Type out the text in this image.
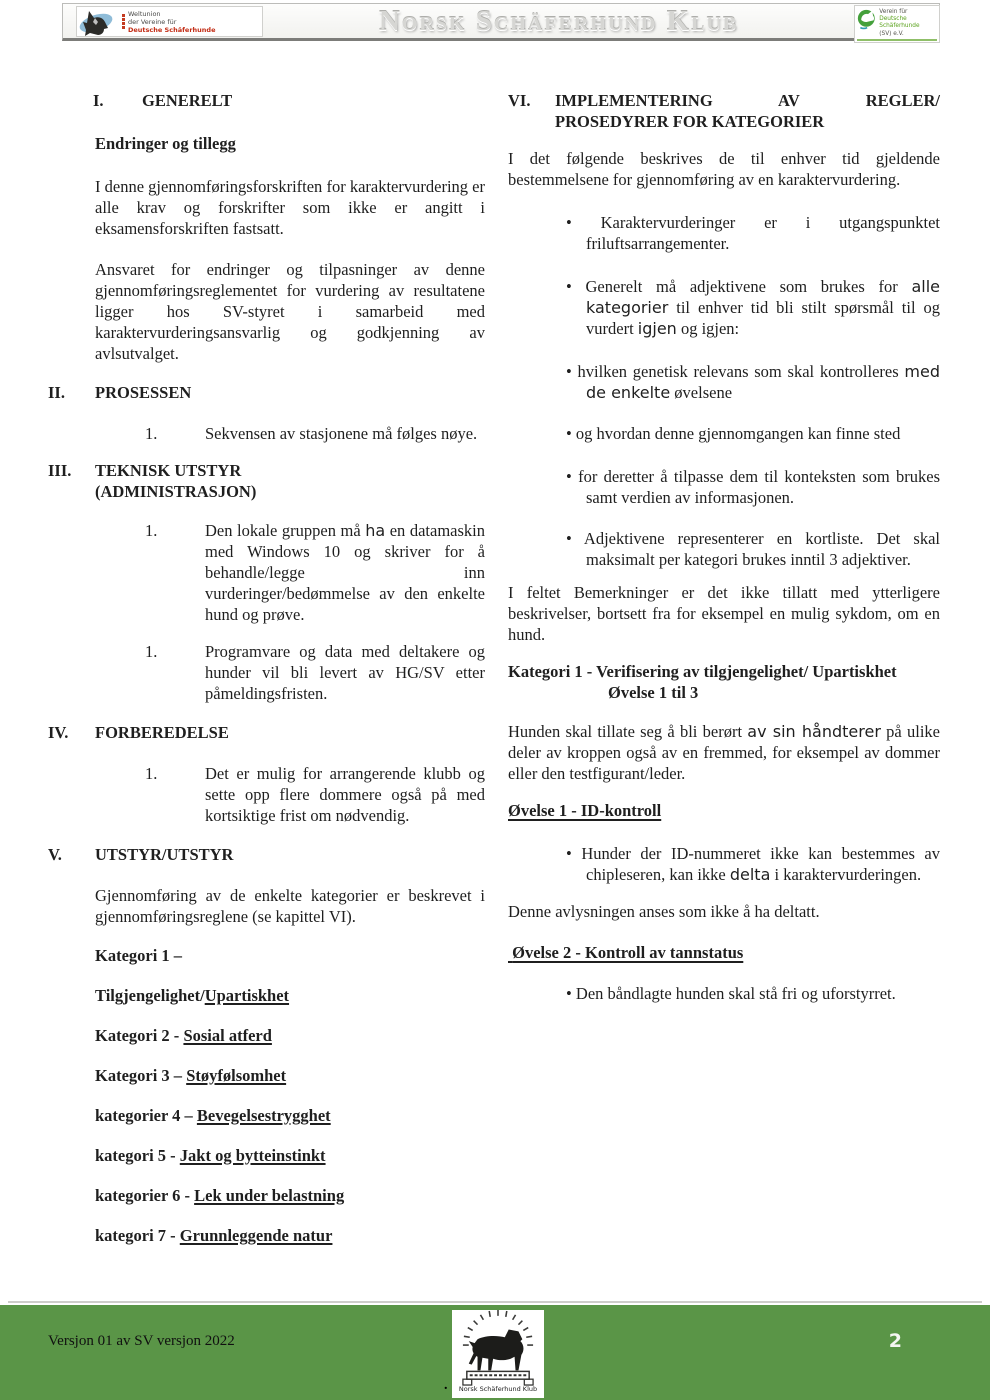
Weltunion
der Vereine für
Deutsche Schäferhunde	Norsk Schäferhund Klub	Verein für
Deutsche Schäferhunde
(SV) e.V.
I.	GENERELT
Endringer og tillegg
I denne gjennomføringsforskriften for karaktervurdering er alle krav og forskrifter som ikke er angitt i eksamensforskriften fastsatt.
Ansvaret for endringer og tilpasninger av denne gjennomføringsreglementet for vurdering av resultatene ligger hos SV-styret i samarbeid med karaktervurderingsansvarlig og godkjenning av avlsutvalget.
II.	PROSESSEN
1.	Sekvensen av stasjonene må følges nøye.
III.	TEKNISK UTSTYR
(ADMINISTRASJON)
1.	Den lokale gruppen må ha en datamaskin med Windows 10 og skriver for å behandle/legge inn vurderinger/bedømmelse av den enkelte hund og prøve.
1.	Programvare og data med deltakere og hunder vil bli levert av HG/SV etter påmeldingsfristen.
IV.	FORBEREDELSE
1.	Det er mulig for arrangerende klubb og sette opp flere dommere også på med kortsiktige frist om nødvendig.
V.	UTSTYR/UTSTYR
Gjennomføring av de enkelte kategorier er beskrevet i gjennomføringsreglene (se kapittel VI).
Kategori 1 –
Tilgjengelighet/Upartiskhet
Kategori 2 - Sosial atferd
Kategori 3 – Støyfølsomhet
kategorier 4 – Bevegelsestrygghet
kategori 5 - Jakt og bytteinstinkt
kategorier 6 - Lek under belastning
kategori 7 - Grunnleggende natur
VI.	IMPLEMENTERING AV REGLER/
PROSEDYRER FOR KATEGORIER
I det følgende beskrives de til enhver tid gjeldende bestemmelsene for gjennomføring av en karaktervurdering.
• Karaktervurderinger er i utgangspunktet friluftsarrangementer.
• Generelt må adjektivene som brukes for alle kategorier til enhver tid bli stilt spørsmål til og vurdert igjen og igjen:
• hvilken genetisk relevans som skal kontrolleres med de enkelte øvelsene
• og hvordan denne gjennomgangen kan finne sted
• for deretter å tilpasse dem til konteksten som brukes samt verdien av informasjonen.
• Adjektivene representerer en kortliste. Det skal maksimalt per kategori brukes inntil 3 adjektiver.
I feltet Bemerkninger er det ikke tillatt med ytterligere beskrivelser, bortsett fra for eksempel en mulig sykdom, om en hund.
Kategori 1 - Verifisering av tilgjengelighet/ Upartiskhet
Øvelse 1 til 3
Hunden skal tillate seg å bli berørt av sin håndterer på ulike deler av kroppen også av en fremmed, for eksempel av dommer eller den testfigurant/leder.
Øvelse 1 - ID-kontroll
• Hunder der ID-nummeret ikke kan bestemmes av chipleseren, kan ikke delta i karaktervurderingen.
Denne avlysningen anses som ikke å ha deltatt.
Øvelse 2 - Kontroll av tannstatus
• Den båndlagte hunden skal stå fri og uforstyrret.
Versjon 01 av SV versjon 2022	2
. Norsk Schäferhund Klub
